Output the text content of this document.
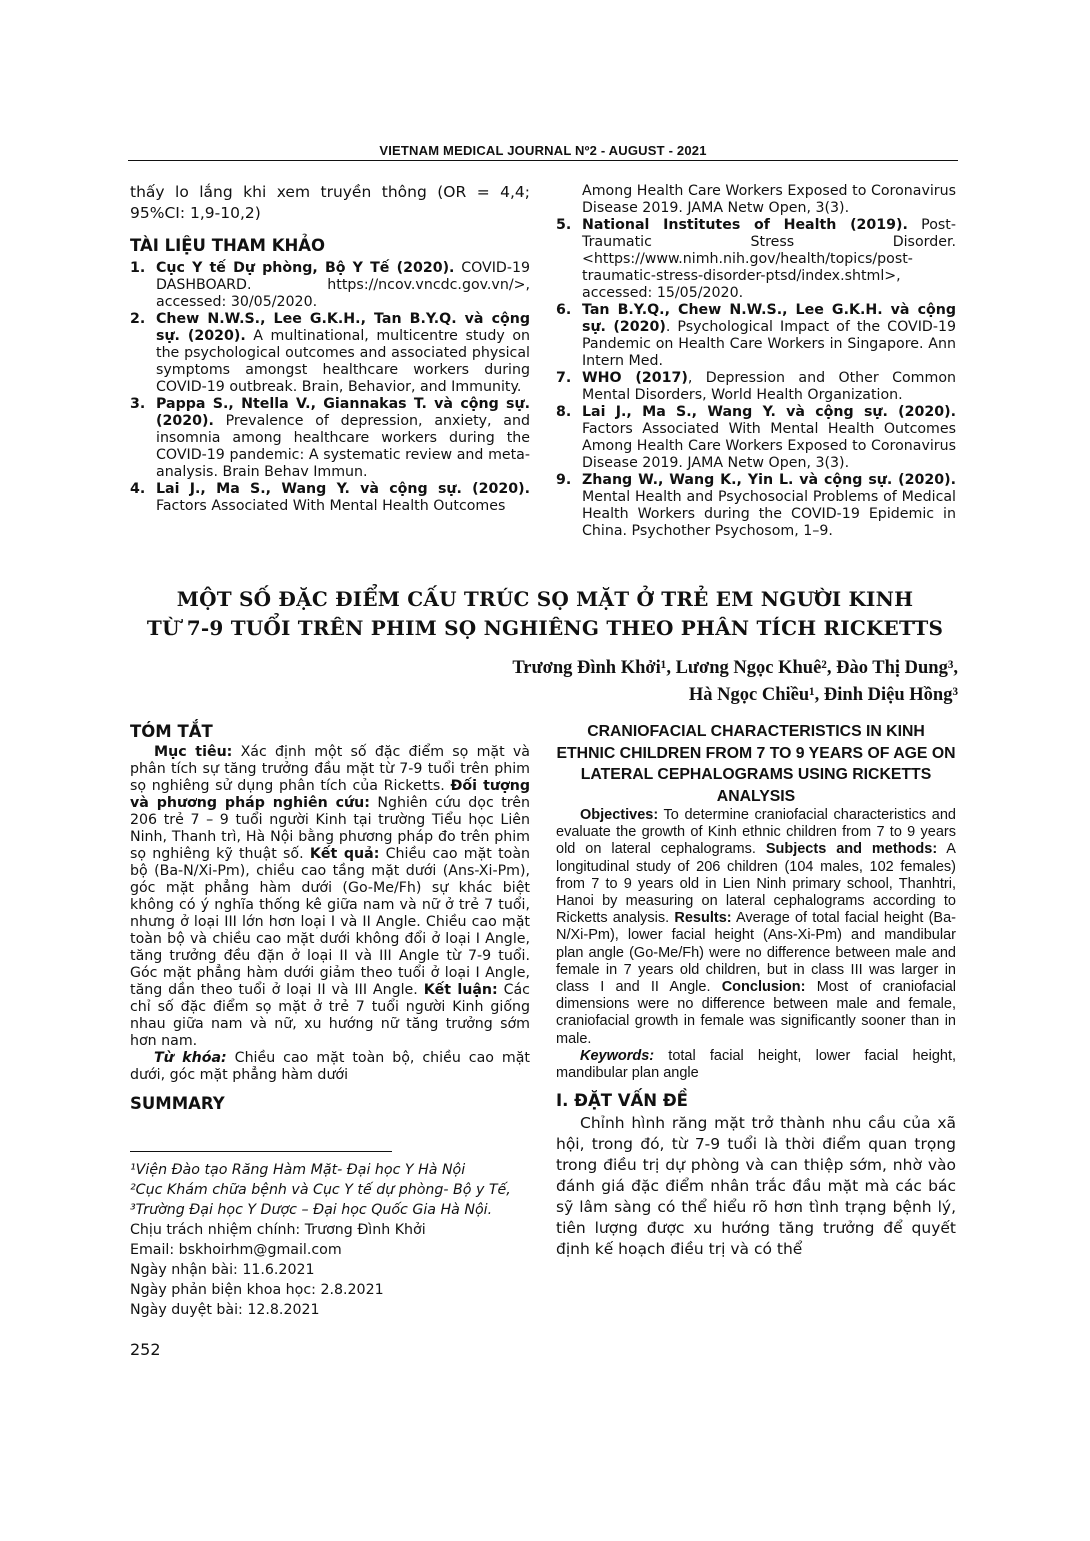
VIETNAM MEDICAL JOURNAL Nº2 - AUGUST - 2021

thấy lo lắng khi xem truyền thông (OR = 4,4; 95%CI: 1,9-10,2)

TÀI LIỆU THAM KHẢO
1. Cục Y tế Dự phòng, Bộ Y Tế (2020). COVID-19 DASHBOARD. https://ncov.vncdc.gov.vn/>, accessed: 30/05/2020.
2. Chew N.W.S., Lee G.K.H., Tan B.Y.Q. và cộng sự. (2020). A multinational, multicentre study on the psychological outcomes and associated physical symptoms amongst healthcare workers during COVID-19 outbreak. Brain, Behavior, and Immunity.
3. Pappa S., Ntella V., Giannakas T. và cộng sự. (2020). Prevalence of depression, anxiety, and insomnia among healthcare workers during the COVID-19 pandemic: A systematic review and meta-analysis. Brain Behav Immun.
4. Lai J., Ma S., Wang Y. và cộng sự. (2020). Factors Associated With Mental Health Outcomes

Among Health Care Workers Exposed to Coronavirus Disease 2019. JAMA Netw Open, 3(3).

5. National Institutes of Health (2019). Post-Traumatic Stress Disorder. <https://www.nimh.nih.gov/health/topics/post-traumatic-stress-disorder-ptsd/index.shtml>, accessed: 15/05/2020.
6. Tan B.Y.Q., Chew N.W.S., Lee G.K.H. và cộng sự. (2020). Psychological Impact of the COVID-19 Pandemic on Health Care Workers in Singapore. Ann Intern Med.
7. WHO (2017), Depression and Other Common Mental Disorders, World Health Organization.
8. Lai J., Ma S., Wang Y. và cộng sự. (2020). Factors Associated With Mental Health Outcomes Among Health Care Workers Exposed to Coronavirus Disease 2019. JAMA Netw Open, 3(3).
9. Zhang W., Wang K., Yin L. và cộng sự. (2020). Mental Health and Psychosocial Problems of Medical Health Workers during the COVID-19 Epidemic in China. Psychother Psychosom, 1–9.
MỘT SỐ ĐẶC ĐIỂM CẤU TRÚC SỌ MẶT Ở TRẺ EM NGƯỜI KINH
TỪ 7-9 TUỔI TRÊN PHIM SỌ NGHIÊNG THEO PHÂN TÍCH RICKETTS
Trương Đình Khởi¹, Lương Ngọc Khuê², Đào Thị Dung³,
Hà Ngọc Chiều¹, Đinh Diệu Hồng³
TÓM TẮT

Mục tiêu: Xác định một số đặc điểm sọ mặt và phân tích sự tăng trưởng đầu mặt từ 7-9 tuổi trên phim sọ nghiêng sử dụng phân tích của Ricketts. Đối tượng và phương pháp nghiên cứu: Nghiên cứu dọc trên 206 trẻ 7 – 9 tuổi người Kinh tại trường Tiểu học Liên Ninh, Thanh trì, Hà Nội bằng phương pháp đo trên phim sọ nghiêng kỹ thuật số. Kết quả: Chiều cao mặt toàn bộ (Ba-N/Xi-Pm), chiều cao tầng mặt dưới (Ans-Xi-Pm), góc mặt phẳng hàm dưới (Go-Me/Fh) sự khác biệt không có ý nghĩa thống kê giữa nam và nữ ở trẻ 7 tuổi, nhưng ở loại III lớn hơn loại I và II Angle. Chiều cao mặt toàn bộ và chiều cao mặt dưới không đổi ở loại I Angle, tăng trưởng đều đặn ở loại II và III Angle từ 7-9 tuổi. Góc mặt phẳng hàm dưới giảm theo tuổi ở loại I Angle, tăng dần theo tuổi ở loại II và III Angle. Kết luận: Các chỉ số đặc điểm sọ mặt ở trẻ 7 tuổi người Kinh giống nhau giữa nam và nữ, xu hướng nữ tăng trưởng sớm hơn nam.

Từ khóa: Chiều cao mặt toàn bộ, chiều cao mặt dưới, góc mặt phẳng hàm dưới

SUMMARY
CRANIOFACIAL CHARACTERISTICS IN KINH ETHNIC CHILDREN FROM 7 TO 9 YEARS OF AGE ON LATERAL CEPHALOGRAMS USING RICKETTS ANALYSIS

Objectives: To determine craniofacial characteristics and evaluate the growth of Kinh ethnic children from 7 to 9 years old on lateral cephalograms. Subjects and methods: A longitudinal study of 206 children (104 males, 102 females) from 7 to 9 years old in Lien Ninh primary school, Thanhtri, Hanoi by measuring on lateral cephalograms according to Ricketts analysis. Results: Average of total facial height (Ba-N/Xi-Pm), lower facial height (Ans-Xi-Pm) and mandibular plan angle (Go-Me/Fh) were no difference between male and female in 7 years old children, but in class III was larger in class I and II Angle. Conclusion: Most of craniofacial dimensions were no difference between male and female, craniofacial growth in female was significantly sooner than in male.

Keywords: total facial height, lower facial height, mandibular plan angle

I. ĐẶT VẤN ĐỀ

Chỉnh hình răng mặt trở thành nhu cầu của xã hội, trong đó, từ 7-9 tuổi là thời điểm quan trọng trong điều trị dự phòng và can thiệp sớm, nhờ vào đánh giá đặc điểm nhân trắc đầu mặt mà các bác sỹ lâm sàng có thể hiểu rõ hơn tình trạng bệnh lý, tiên lượng được xu hướng tăng trưởng để quyết định kế hoạch điều trị và có thể

¹Viện Đào tạo Răng Hàm Mặt- Đại học Y Hà Nội
²Cục Khám chữa bệnh và Cục Y tế dự phòng- Bộ y Tế,
³Trường Đại học Y Dược – Đại học Quốc Gia Hà Nội.
Chịu trách nhiệm chính: Trương Đình Khởi
Email: bskhoirhm@gmail.com
Ngày nhận bài: 11.6.2021
Ngày phản biện khoa học: 2.8.2021
Ngày duyệt bài: 12.8.2021
252
